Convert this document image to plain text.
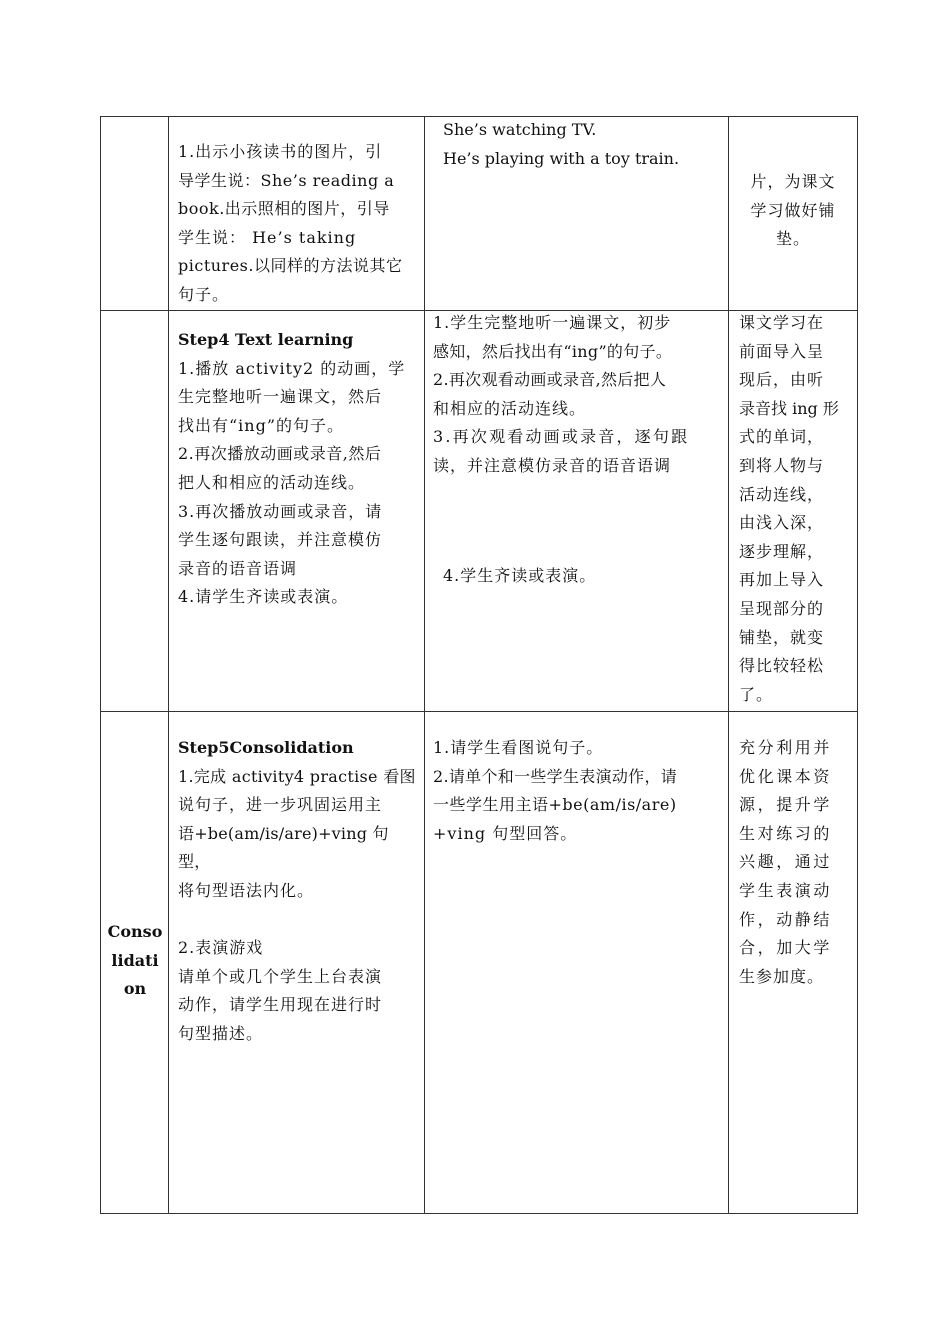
1.出示小孩读书的图片，引

导学生说：She’s reading a

book.出示照相的图片，引导

学生说： He’s taking

pictures.以同样的方法说其它

句子。

She’s watching TV.

He’s playing with a toy train.

片，为课文

学习做好铺

垫。

Step4 Text learning

1.播放 activity2 的动画，学

生完整地听一遍课文，然后

找出有“ing”的句子。

2.再次播放动画或录音,然后

把人和相应的活动连线。

3.再次播放动画或录音，请

学生逐句跟读，并注意模仿

录音的语音语调

4.请学生齐读或表演。

1.学生完整地听一遍课文，初步

感知，然后找出有“ing”的句子。

2.再次观看动画或录音,然后把人

和相应的活动连线。

3.再次观看动画或录音，逐句跟

读，并注意模仿录音的语音语调

4.学生齐读或表演。

课文学习在

前面导入呈

现后，由听

录音找 ing 形

式的单词，

到将人物与

活动连线，

由浅入深，

逐步理解，

再加上导入

呈现部分的

铺垫，就变

得比较轻松

了。

Conso

lidati

on

Step5Consolidation

1.完成 activity4 practise 看图

说句子，进一步巩固运用主

语+be(am/is/are)+ving 句型，

将句型语法内化。

2.表演游戏

请单个或几个学生上台表演

动作，请学生用现在进行时

句型描述。

1.请学生看图说句子。

2.请单个和一些学生表演动作，请

一些学生用主语+be(am/is/are)

+ving 句型回答。

充分利用并

优化课本资

源，提升学

生对练习的

兴趣，通过

学生表演动

作，动静结

合，加大学

生参加度。
